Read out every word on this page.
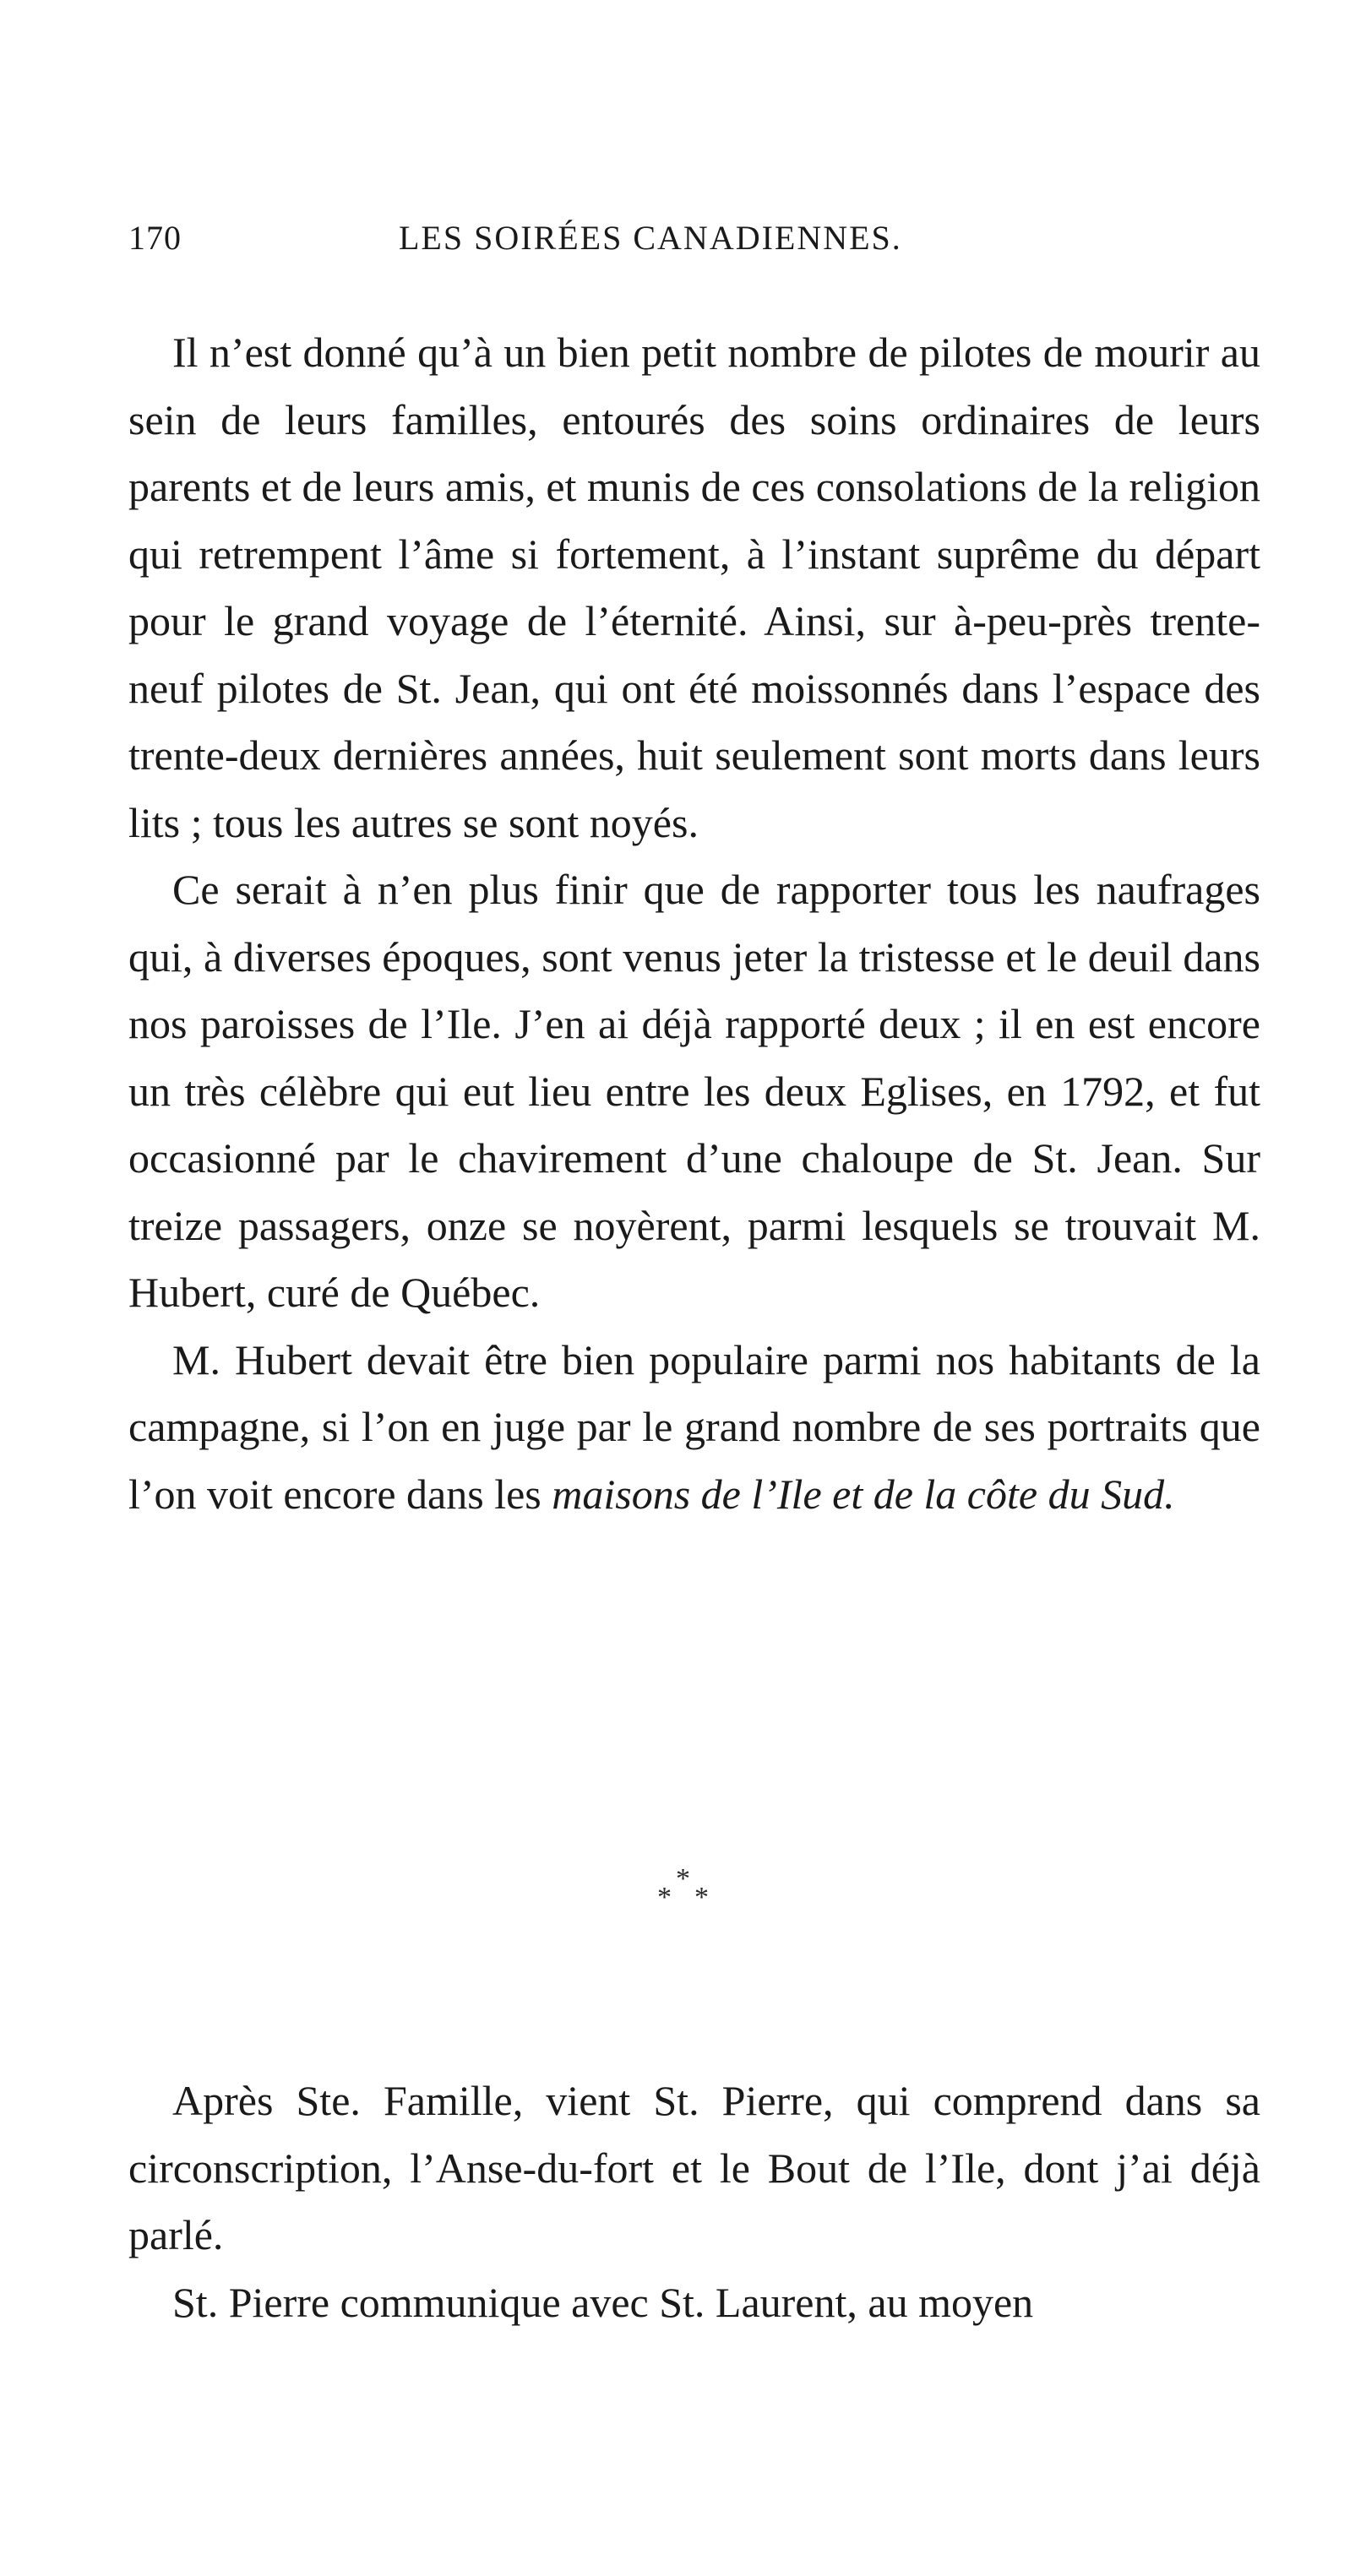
170	LES SOIRÉES CANADIENNES.

Il n’est donné qu’à un bien petit nombre de pilotes de mourir au sein de leurs familles, entourés des soins ordinaires de leurs parents et de leurs amis, et munis de ces consolations de la religion qui retrempent l’âme si fortement, à l’instant suprême du départ pour le grand voyage de l’éternité. Ainsi, sur à-peu-près trente-neuf pilotes de St. Jean, qui ont été moissonnés dans l’espace des trente-deux dernières années, huit seulement sont morts dans leurs lits ; tous les autres se sont noyés.

Ce serait à n’en plus finir que de rapporter tous les naufrages qui, à diverses époques, sont venus jeter la tristesse et le deuil dans nos paroisses de l’Ile. J’en ai déjà rapporté deux ; il en est encore un très célèbre qui eut lieu entre les deux Eglises, en 1792, et fut occasionné par le chavirement d’une chaloupe de St. Jean. Sur treize passagers, onze se noyèrent, parmi lesquels se trouvait M. Hubert, curé de Québec.

M. Hubert devait être bien populaire parmi nos habitants de la campagne, si l’on en juge par le grand nombre de ses portraits que l’on voit encore dans les maisons de l’Ile et de la côte du Sud.

*
* *

Après Ste. Famille, vient St. Pierre, qui comprend dans sa circonscription, l’Anse-du-fort et le Bout de l’Ile, dont j’ai déjà parlé.

St. Pierre communique avec St. Laurent, au moyen
